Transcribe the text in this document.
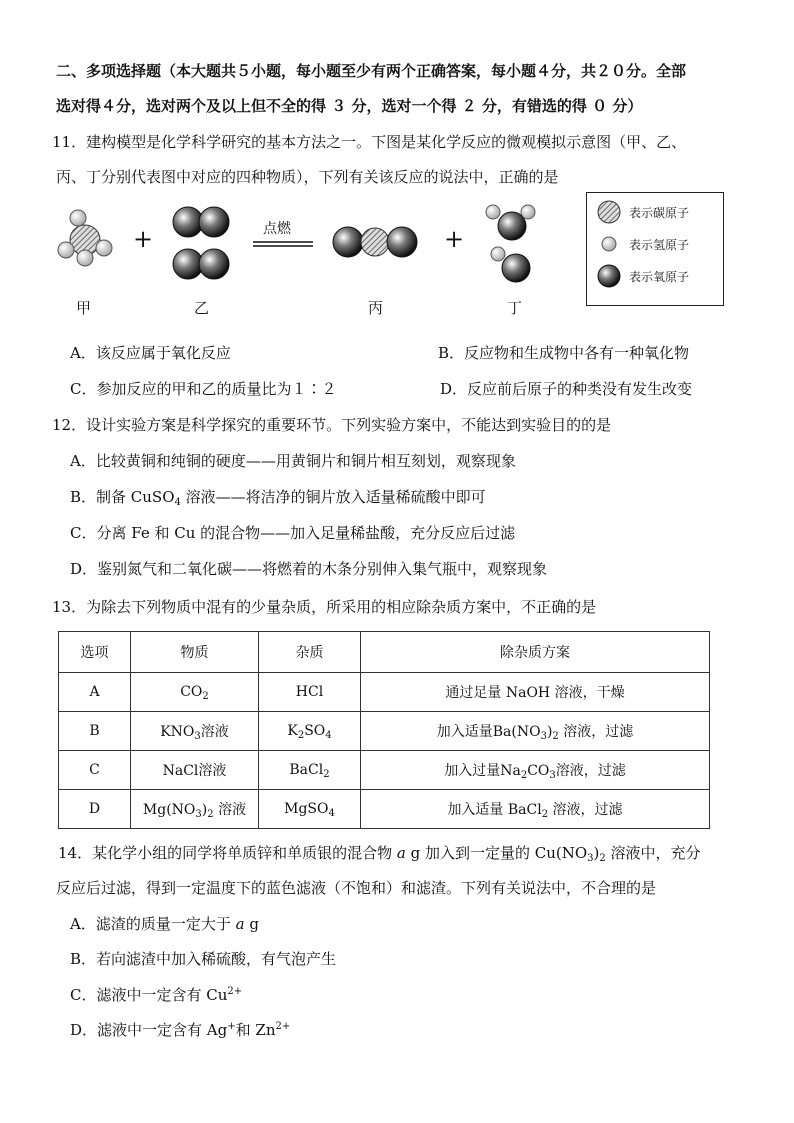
二、多项选择题（本大题共５小题，每小题至少有两个正确答案，每小题４分，共２０分。全部
选对得４分，选对两个及以上但不全的得 ３ 分，选对一个得 ２ 分，有错选的得 ０ 分）
11．建构模型是化学科学研究的基本方法之一。下图是某化学反应的微观模拟示意图（甲、乙、
丙、丁分别代表图中对应的四种物质），下列有关该反应的说法中，正确的是
+	点燃	+
甲	乙	丙	丁
表示碳原子
表示氢原子
表示氧原子
A．该反应属于氧化反应	B．反应物和生成物中各有一种氧化物
C．参加反应的甲和乙的质量比为１∶２	D．反应前后原子的种类没有发生改变
12．设计实验方案是科学探究的重要环节。下列实验方案中，不能达到实验目的的是
A．比较黄铜和纯铜的硬度——用黄铜片和铜片相互刻划，观察现象
B．制备 CuSO$_4$ 溶液——将洁净的铜片放入适量稀硫酸中即可
C．分离 Fe 和 Cu 的混合物——加入足量稀盐酸，充分反应后过滤
D．鉴别氮气和二氧化碳——将燃着的木条分别伸入集气瓶中，观察现象
13．为除去下列物质中混有的少量杂质，所采用的相应除杂质方案中，不正确的是
选项	物质	杂质	除杂质方案
A	$CO_2$	HCl	通过足量 NaOH 溶液，干燥
B	$KNO_3$溶液	$K_2SO_4$	加入适量$Ba(NO_3)_2$ 溶液，过滤
C	NaCl溶液	BaCl$_2$	加入过量$Na_2CO_3$溶液，过滤
D	$Mg(NO_3)_2$ 溶液	MgSO$_4$	加入适量 BaCl$_2$ 溶液，过滤
14．某化学小组的同学将单质锌和单质银的混合物 a g 加入到一定量的 $Cu(NO_3)_2$ 溶液中，充分
反应后过滤，得到一定温度下的蓝色滤液（不饱和）和滤渣。下列有关说法中，不合理的是
A．滤渣的质量一定大于 a g
B．若向滤渣中加入稀硫酸，有气泡产生
C．滤液中一定含有 $Cu^{2+}$
D．滤液中一定含有 Ag+和 $Zn^{2+}$
